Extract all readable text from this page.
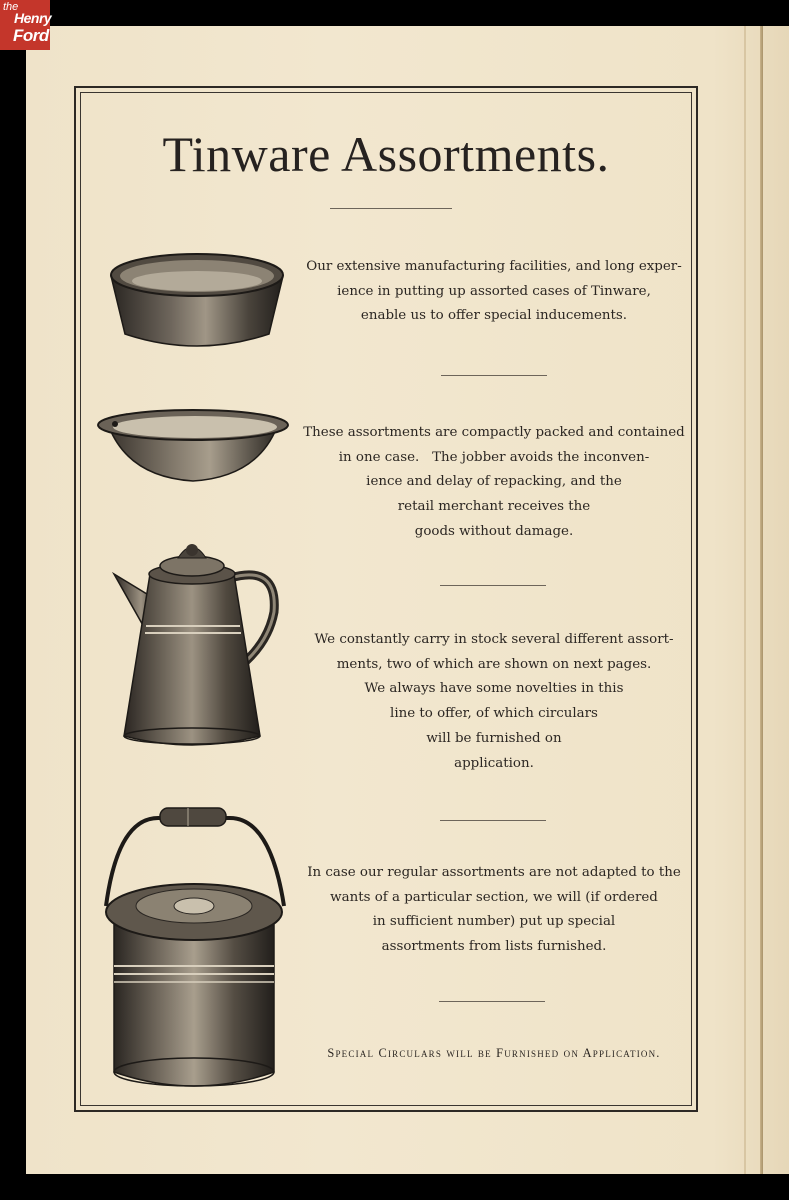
the
Henry
Ford
Tinware Assortments.
Our extensive manufacturing facilities, and long exper-
ience in putting up assorted cases of Tinware,
enable us to offer special inducements.
These assortments are compactly packed and contained
in one case.   The jobber avoids the inconven-
ience and delay of repacking, and the
retail merchant receives the
goods without damage.
We constantly carry in stock several different assort-
ments, two of which are shown on next pages.
We always have some novelties in this
line to offer, of which circulars
will be furnished on
application.
In case our regular assortments are not adapted to the
wants of a particular section, we will (if ordered
in sufficient number) put up special
assortments from lists furnished.
Special Circulars will be Furnished on Application.
